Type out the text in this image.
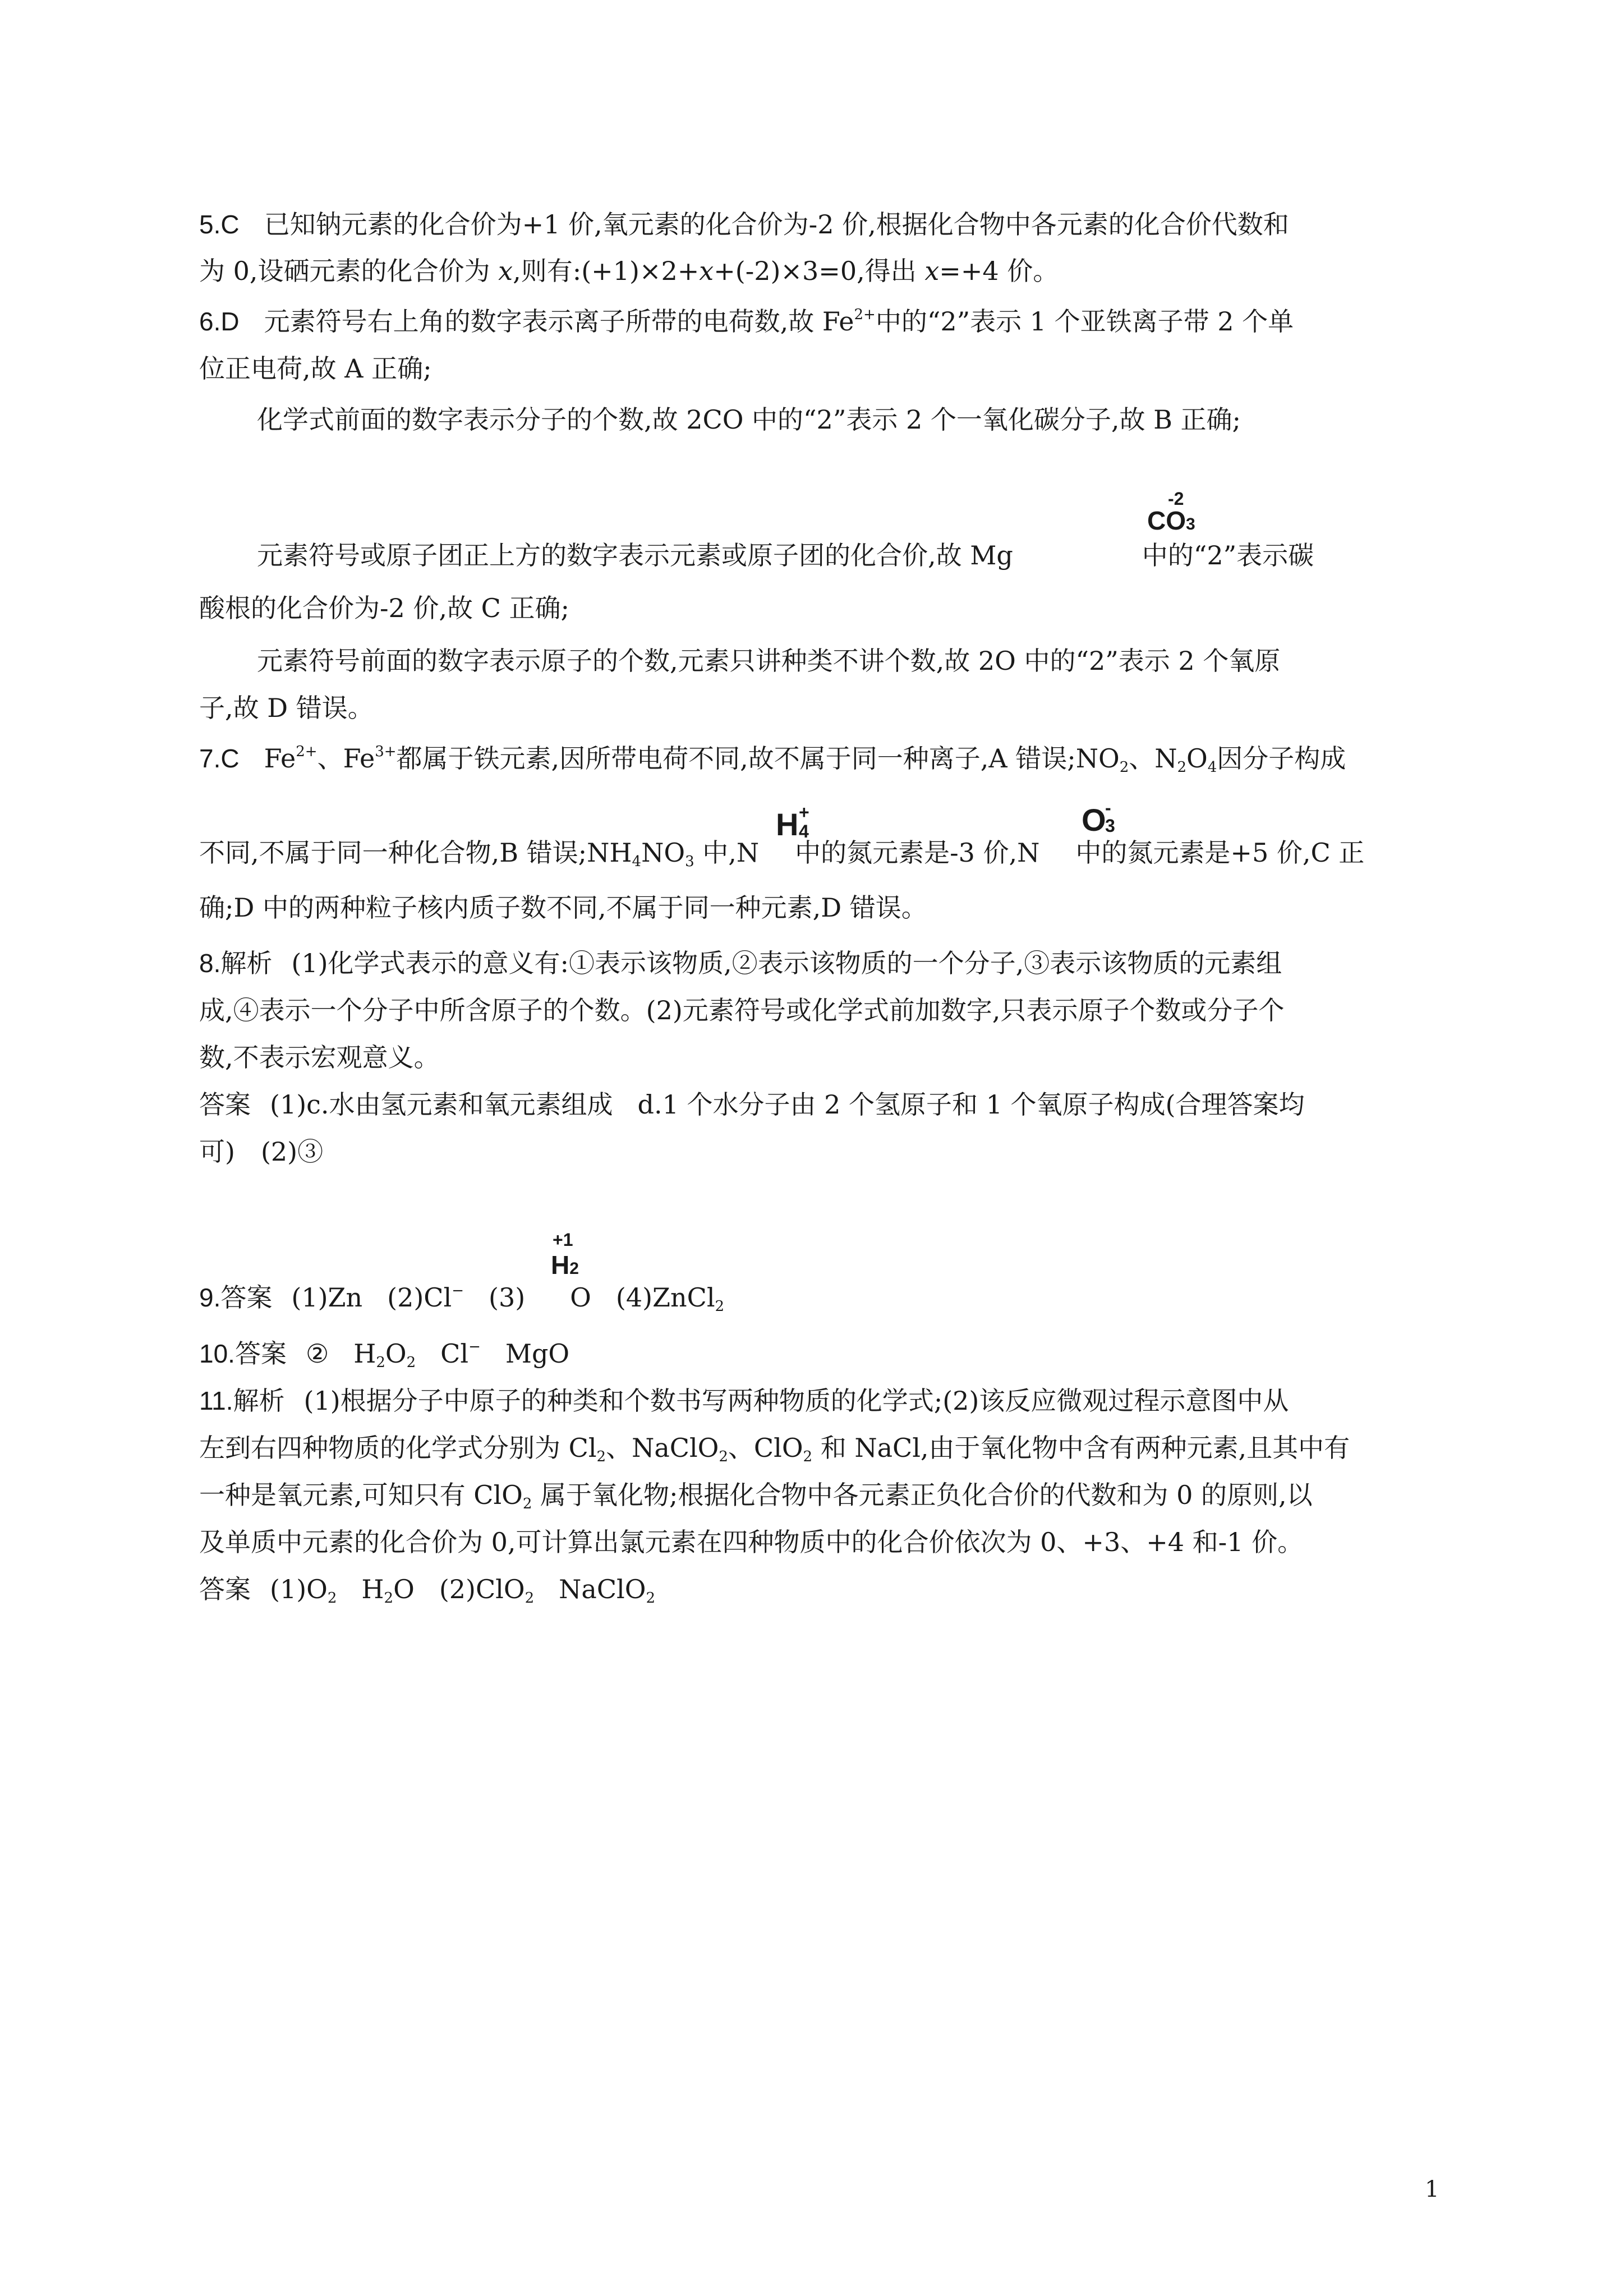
5.C 已知钠元素的化合价为+1 价,氧元素的化合价为-2 价,根据化合物中各元素的化合价代数和
为 0,设硒元素的化合价为 x,则有:(+1)×2+x+(-2)×3=0,得出 x=+4 价。
6.D 元素符号右上角的数字表示离子所带的电荷数,故 $Fe^{2+}$中的“2”表示 1 个亚铁离子带 2 个单
位正电荷,故 A 正确;
化学式前面的数字表示分子的个数,故 2CO 中的“2”表示 2 个一氧化碳分子,故 B 正确;
-2
CO3
元素符号或原子团正上方的数字表示元素或原子团的化合价,故 Mg	中的“2”表示碳
酸根的化合价为-2 价,故 C 正确;
元素符号前面的数字表示原子的个数,元素只讲种类不讲个数,故 2O 中的“2”表示 2 个氧原
子,故 D 错误。
7.C $Fe^{2+}$、$Fe^{3+}$都属于铁元素,因所带电荷不同,故不属于同一种离子,A 错误$;NO_2$、$N_2O_4$因分子构成
H +
4	O
-
3
不同,不属于同一种化合物,B 错误$;NH_4NO_3$ 中,N 中的氮元素是-3 价,N 中的氮元素是+5 价,C 正
确;D 中的两种粒子核内质子数不同,不属于同一种元素,D 错误。
8.解析 (1)化学式表示的意义有:①表示该物质,②表示该物质的一个分子,③表示该物质的元素组
成,④表示一个分子中所含原子的个数。(2)元素符号或化学式前加数字,只表示原子个数或分子个
数,不表示宏观意义。
答案 (1)c.水由氢元素和氧元素组成 d.1 个水分子由 2 个氢原子和 1 个氧原子构成(合理答案均
可)　(2)③
+1
H2
9.答案 (1)Zn (2)Cl− (3) O (4)ZnCl$_2$
10.答案 ② $H_2O_2$ Cl− MgO
11.解析 (1)根据分子中原子的种类和个数书写两种物质的化学式;(2)该反应微观过程示意图中从
左到右四种物质的化学式分别为 $Cl_2$、NaClO$_2$、ClO$_2$ 和 NaCl,由于氧化物中含有两种元素,且其中有
一种是氧元素,可知只有 ClO$_2$ 属于氧化物;根据化合物中各元素正负化合价的代数和为 0 的原则,以
及单质中元素的化合价为 0,可计算出氯元素在四种物质中的化合价依次为 0、+3、+4 和-1 价。
答案 $(1)O_2$ $H_2O$ (2)ClO$_2$ NaClO$_2$
1
